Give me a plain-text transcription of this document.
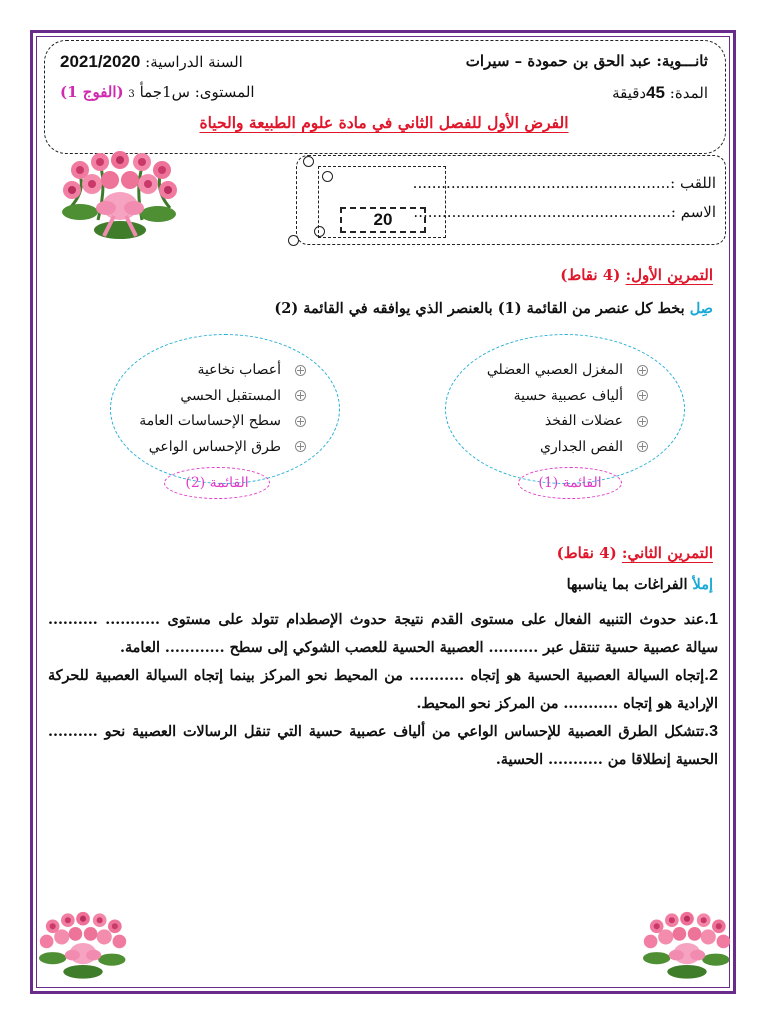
ثانـــوية: عبد الحق بن حمودة – سيرات
السنة الدراسية: 2021/2020
المدة: 45دقيقة
المستوى: س1جمأ 3 (الفوج 1)
الفرض الأول للفصل الثاني في مادة علوم الطبيعة والحياة
20
اللقب :......................................................
الاسم :......................................................
التمرين الأول: (4 نقاط)
صِل بخط كل عنصر من القائمة (1) بالعنصر الذي يوافقه في القائمة (2)
المغزل العصبي العضلي
ألياف عصبية حسية
عضلات الفخذ
الفص الجداري
القائمة (1)
أعصاب نخاعية
المستقبل الحسي
سطح الإحساسات العامة
طرق الإحساس الواعي
القائمة (2)
التمرين الثاني: (4 نقاط)
إملأ الفراغات بما يناسبها
1.عند حدوث التنبيه الفعال على مستوى القدم نتيجة حدوث الإصطدام تتولد على مستوى ........... .......... سيالة عصبية حسية تنتقل عبر .......... العصبية الحسية للعصب الشوكي إلى سطح ............ العامة.
2.إتجاه السيالة العصبية الحسية هو إتجاه ........... من المحيط نحو المركز بينما إتجاه السيالة العصبية للحركة الإرادية هو إتجاه ........... من المركز نحو المحيط.
3.تتشكل الطرق العصبية للإحساس الواعي من ألياف عصبية حسية التي تنقل الرسالات العصبية نحو .......... الحسية إنطلاقا من ........... الحسية.
